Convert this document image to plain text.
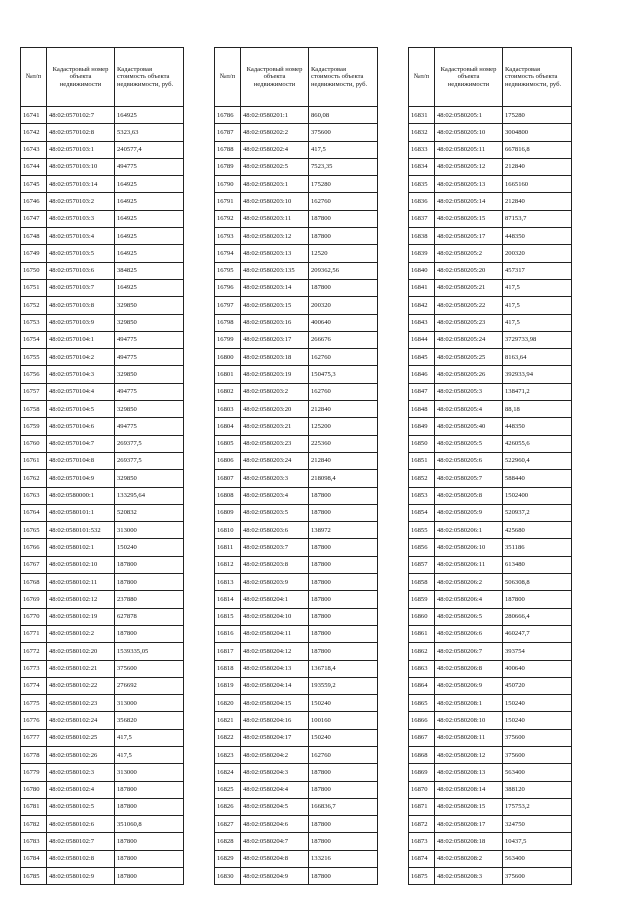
№п/п	Кадастровый номер объекта недвижимости	Кадастровая стоимость объекта недвижимости, руб.
16741	48:02:0570102:7	164925
16742	48:02:0570102:8	5323,63
16743	48:02:0570103:1	240577,4
16744	48:02:0570103:10	494775
16745	48:02:0570103:14	164925
16746	48:02:0570103:2	164925
16747	48:02:0570103:3	164925
16748	48:02:0570103:4	164925
16749	48:02:0570103:5	164925
16750	48:02:0570103:6	384825
16751	48:02:0570103:7	164925
16752	48:02:0570103:8	329850
16753	48:02:0570103:9	329850
16754	48:02:0570104:1	494775
16755	48:02:0570104:2	494775
16756	48:02:0570104:3	329850
16757	48:02:0570104:4	494775
16758	48:02:0570104:5	329850
16759	48:02:0570104:6	494775
16760	48:02:0570104:7	269377,5
16761	48:02:0570104:8	269377,5
16762	48:02:0570104:9	329850
16763	48:02:0580000:1	133295,64
16764	48:02:0580101:1	520832
16765	48:02:0580101:532	313000
16766	48:02:0580102:1	150240
16767	48:02:0580102:10	187800
16768	48:02:0580102:11	187800
16769	48:02:0580102:12	237880
16770	48:02:0580102:19	627878
16771	48:02:0580102:2	187800
16772	48:02:0580102:20	1539335,05
16773	48:02:0580102:21	375600
16774	48:02:0580102:22	276692
16775	48:02:0580102:23	313000
16776	48:02:0580102:24	356820
16777	48:02:0580102:25	417,5
16778	48:02:0580102:26	417,5
16779	48:02:0580102:3	313000
16780	48:02:0580102:4	187800
16781	48:02:0580102:5	187800
16782	48:02:0580102:6	351060,8
16783	48:02:0580102:7	187800
16784	48:02:0580102:8	187800
16785	48:02:0580102:9	187800
№п/п	Кадастровый номер объекта недвижимости	Кадастровая стоимость объекта недвижимости, руб.
16786	48:02:0580201:1	860,08
16787	48:02:0580202:2	375600
16788	48:02:0580202:4	417,5
16789	48:02:0580202:5	7523,35
16790	48:02:0580203:1	175280
16791	48:02:0580203:10	162760
16792	48:02:0580203:11	187800
16793	48:02:0580203:12	187800
16794	48:02:0580203:13	12520
16795	48:02:0580203:135	209362,56
16796	48:02:0580203:14	187800
16797	48:02:0580203:15	200320
16798	48:02:0580203:16	400640
16799	48:02:0580203:17	266676
16800	48:02:0580203:18	162760
16801	48:02:0580203:19	150475,3
16802	48:02:0580203:2	162760
16803	48:02:0580203:20	212840
16804	48:02:0580203:21	125200
16805	48:02:0580203:23	225360
16806	48:02:0580203:24	212840
16807	48:02:0580203:3	218098,4
16808	48:02:0580203:4	187800
16809	48:02:0580203:5	187800
16810	48:02:0580203:6	138972
16811	48:02:0580203:7	187800
16812	48:02:0580203:8	187800
16813	48:02:0580203:9	187800
16814	48:02:0580204:1	187800
16815	48:02:0580204:10	187800
16816	48:02:0580204:11	187800
16817	48:02:0580204:12	187800
16818	48:02:0580204:13	136718,4
16819	48:02:0580204:14	193559,2
16820	48:02:0580204:15	150240
16821	48:02:0580204:16	100160
16822	48:02:0580204:17	150240
16823	48:02:0580204:2	162760
16824	48:02:0580204:3	187800
16825	48:02:0580204:4	187800
16826	48:02:0580204:5	166836,7
16827	48:02:0580204:6	187800
16828	48:02:0580204:7	187800
16829	48:02:0580204:8	133216
16830	48:02:0580204:9	187800
№п/п	Кадастровый номер объекта недвижимости	Кадастровая стоимость объекта недвижимости, руб.
16831	48:02:0580205:1	175280
16832	48:02:0580205:10	3004800
16833	48:02:0580205:11	667816,8
16834	48:02:0580205:12	212840
16835	48:02:0580205:13	1665160
16836	48:02:0580205:14	212840
16837	48:02:0580205:15	87153,7
16838	48:02:0580205:17	448350
16839	48:02:0580205:2	200320
16840	48:02:0580205:20	457317
16841	48:02:0580205:21	417,5
16842	48:02:0580205:22	417,5
16843	48:02:0580205:23	417,5
16844	48:02:0580205:24	3729733,98
16845	48:02:0580205:25	8163,64
16846	48:02:0580205:26	392933,94
16847	48:02:0580205:3	138471,2
16848	48:02:0580205:4	88,18
16849	48:02:0580205:40	448350
16850	48:02:0580205:5	426055,6
16851	48:02:0580205:6	522960,4
16852	48:02:0580205:7	588440
16853	48:02:0580205:8	1502400
16854	48:02:0580205:9	520937,2
16855	48:02:0580206:1	425680
16856	48:02:0580206:10	351186
16857	48:02:0580206:11	613480
16858	48:02:0580206:2	506308,8
16859	48:02:0580206:4	187800
16860	48:02:0580206:5	280666,4
16861	48:02:0580206:6	460247,7
16862	48:02:0580206:7	393754
16863	48:02:0580206:8	400640
16864	48:02:0580206:9	450720
16865	48:02:0580208:1	150240
16866	48:02:0580208:10	150240
16867	48:02:0580208:11	375600
16868	48:02:0580208:12	375600
16869	48:02:0580208:13	563400
16870	48:02:0580208:14	388120
16871	48:02:0580208:15	175753,2
16872	48:02:0580208:17	324750
16873	48:02:0580208:18	10437,5
16874	48:02:0580208:2	563400
16875	48:02:0580208:3	375600
